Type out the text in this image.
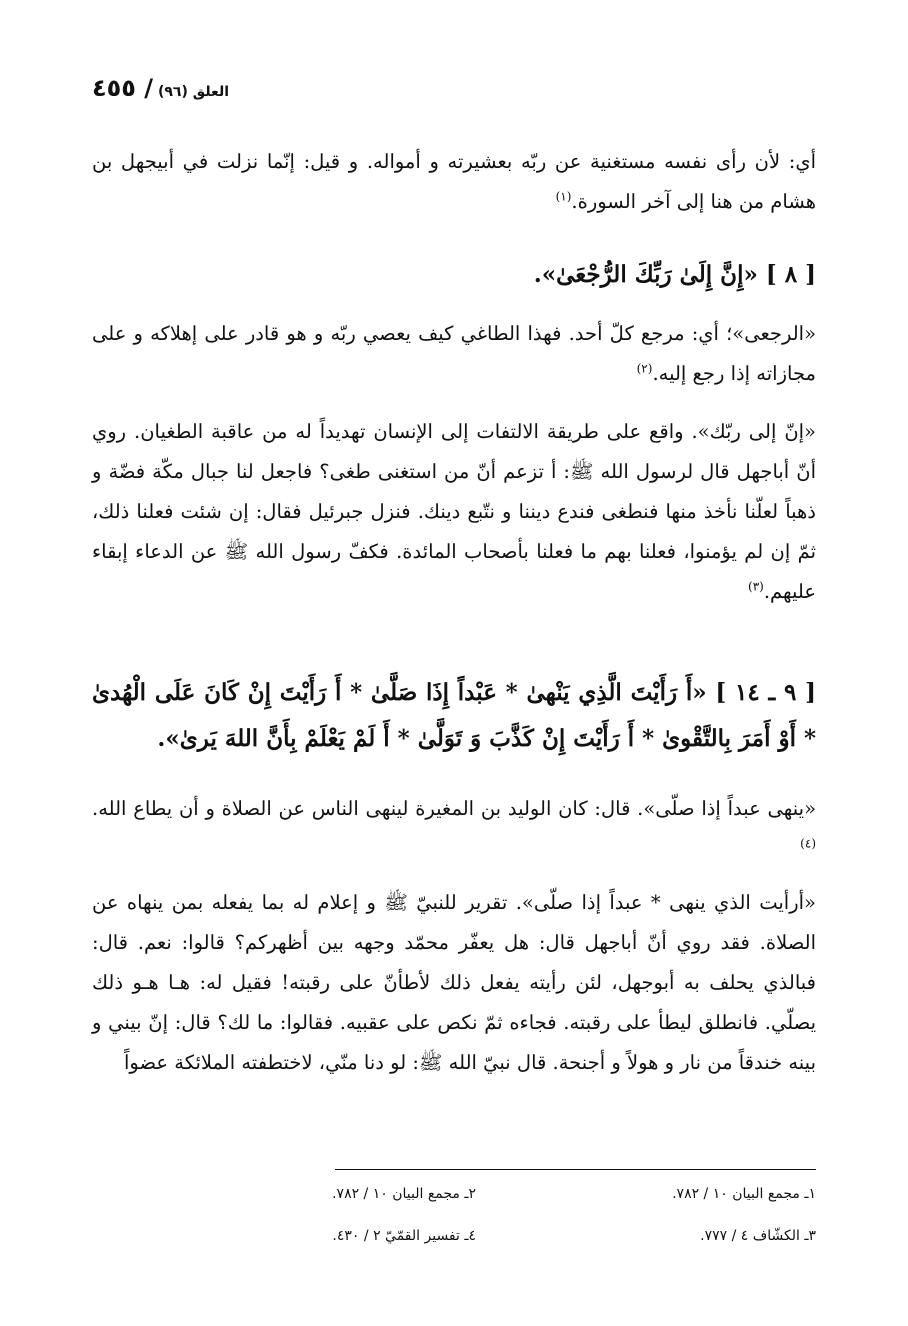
العلق (٩٦) / ٤٥٥
أي: لأن رأى نفسه مستغنية عن ربّه بعشيرته و أمواله. و قيل: إنّما نزلت في أبيجهل بن هشام من هنا إلى آخر السورة.$^{(١)}$
[ ٨ ] «إِنَّ إِلَىٰ رَبِّكَ الرُّجْعَىٰ».
«الرجعى»؛ أي: مرجع كلّ أحد. فهذا الطاغي كيف يعصي ربّه و هو قادر على إهلاكه و على مجازاته إذا رجع إليه.$^{(٢)}$
«إنّ إلى ربّك». واقع على طريقة الالتفات إلى الإنسان تهديداً له من عاقبة الطغيان. روي أنّ أباجهل قال لرسول الله ﷺ: أ تزعم أنّ من استغنى طغى؟ فاجعل لنا جبال مكّة فضّة و ذهباً لعلّنا نأخذ منها فنطغى فندع ديننا و نتّبع دينك. فنزل جبرئيل فقال: إن شئت فعلنا ذلك، ثمّ إن لم يؤمنوا، فعلنا بهم ما فعلنا بأصحاب المائدة. فكفّ رسول الله ﷺ عن الدعاء إبقاء عليهم.$^{(٣)}$
[ ٩ ـ ١٤ ] «أَ رَأَيْتَ الَّذِي يَنْهىٰ * عَبْداً إِذَا صَلَّىٰ * أَ رَأَيْتَ إِنْ كَانَ عَلَى الْهُدىٰ * أَوْ أَمَرَ بِالتَّقْوىٰ * أَ رَأَيْتَ إِنْ كَذَّبَ وَ تَوَلَّىٰ * أَ لَمْ يَعْلَمْ بِأَنَّ اللهَ يَرىٰ».
«ينهى عبداً إذا صلّى». قال: كان الوليد بن المغيرة لينهى الناس عن الصلاة و أن يطاع الله.$^{(٤)}$
«أرأيت الذي ينهى * عبداً إذا صلّى». تقرير للنبيّ ﷺ و إعلام له بما يفعله بمن ينهاه عن الصلاة. فقد روي أنّ أباجهل قال: هل يعفّر محمّد وجهه بين أظهركم؟ قالوا: نعم. قال: فبالذي يحلف به أبوجهل، لئن رأيته يفعل ذلك لأطأنّ على رقبته! فقيل له: هـا هـو ذلك يصلّي. فانطلق ليطأ على رقبته. فجاءه ثمّ نكص على عقبيه. فقالوا: ما لك؟ قال: إنّ بيني و بينه خندقاً من نار و هولاً و أجنحة. قال نبيّ الله ﷺ: لو دنا منّي، لاختطفته الملائكة عضواً
١ـ مجمع البيان ١٠ / ٧٨٢.
٢ـ مجمع البيان ١٠ / ٧٨٢.
٣ـ الكشّاف ٤ / ٧٧٧.
٤ـ تفسير القمّيّ ٢ / ٤٣٠.
